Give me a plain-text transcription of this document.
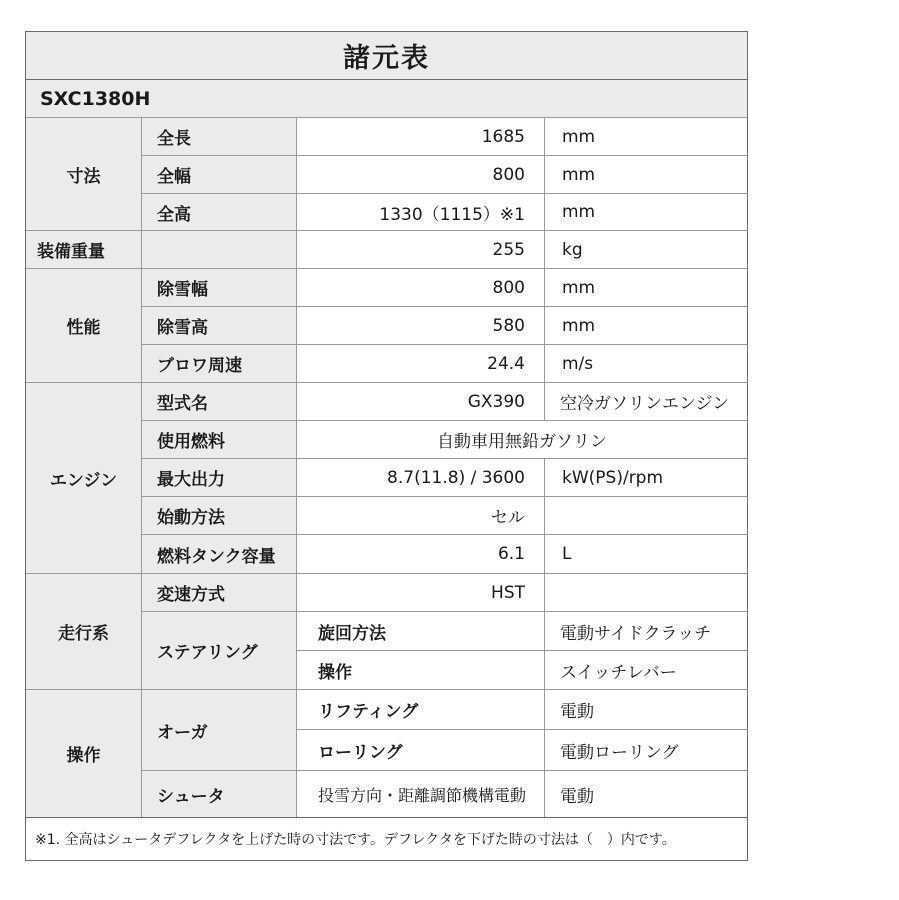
諸元表
SXC1380H
寸法
全長	1685	mm
全幅	800	mm
全高	1330（1115）※1	mm
装備重量	255	kg
性能
除雪幅	800	mm
除雪高	580	mm
ブロワ周速	24.4	m/s
エンジン
型式名	GX390	空冷ガソリンエンジン
使用燃料	自動車用無鉛ガソリン
最大出力	8.7(11.8) / 3600	kW(PS)/rpm
始動方法	セル
燃料タンク容量	6.1	L
走行系
変速方式	HST
ステアリング
旋回方法	電動サイドクラッチ
操作	スイッチレバー
操作
オーガ
リフティング	電動
ローリング	電動ローリング
シュータ	投雪方向・距離調節機構電動	電動
※1. 全高はシュータデフレクタを上げた時の寸法です。デフレクタを下げた時の寸法は（　）内です。
